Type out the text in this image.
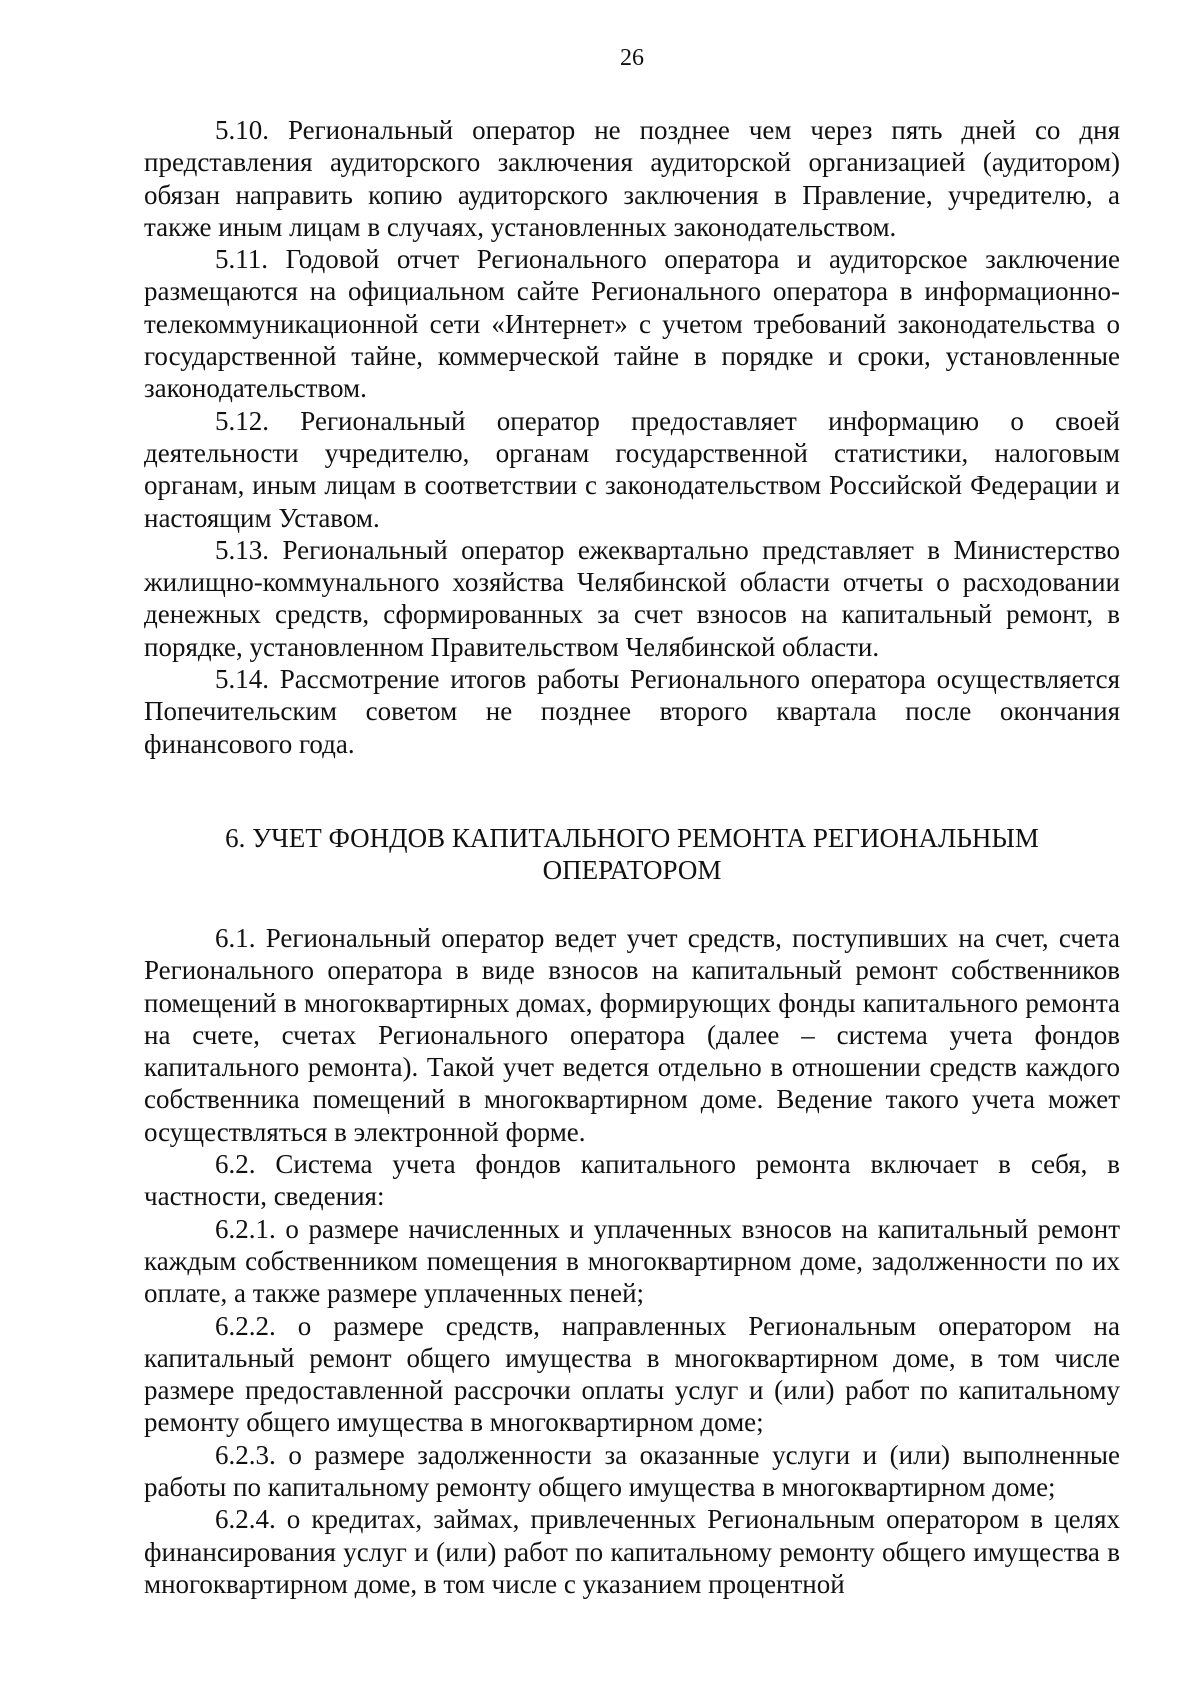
26

5.10. Региональный оператор не позднее чем через пять дней со дня представления аудиторского заключения аудиторской организацией (аудитором) обязан направить копию аудиторского заключения в Правление, учредителю, а также иным лицам в случаях, установленных законодательством.

5.11. Годовой отчет Регионального оператора и аудиторское заключение размещаются на официальном сайте Регионального оператора в информационно-телекоммуникационной сети «Интернет» с учетом требований законодательства о государственной тайне, коммерческой тайне в порядке и сроки, установленные законодательством.

5.12. Региональный оператор предоставляет информацию о своей деятельности учредителю, органам государственной статистики, налоговым органам, иным лицам в соответствии с законодательством Российской Федерации и настоящим Уставом.

5.13. Региональный оператор ежеквартально представляет в Министерство жилищно-коммунального хозяйства Челябинской области отчеты о расходовании денежных средств, сформированных за счет взносов на капитальный ремонт, в порядке, установленном Правительством Челябинской области.

5.14. Рассмотрение итогов работы Регионального оператора осуществляется Попечительским советом не позднее второго квартала после окончания финансового года.

6. УЧЕТ ФОНДОВ КАПИТАЛЬНОГО РЕМОНТА РЕГИОНАЛЬНЫМ
ОПЕРАТОРОМ

6.1. Региональный оператор ведет учет средств, поступивших на счет, счета Регионального оператора в виде взносов на капитальный ремонт собственников помещений в многоквартирных домах, формирующих фонды капитального ремонта на счете, счетах Регионального оператора (далее – система учета фондов капитального ремонта). Такой учет ведется отдельно в отношении средств каждого собственника помещений в многоквартирном доме. Ведение такого учета может осуществляться в электронной форме.

6.2. Система учета фондов капитального ремонта включает в себя, в частности, сведения:

6.2.1. о размере начисленных и уплаченных взносов на капитальный ремонт каждым собственником помещения в многоквартирном доме, задолженности по их оплате, а также размере уплаченных пеней;

6.2.2. о размере средств, направленных Региональным оператором на капитальный ремонт общего имущества в многоквартирном доме, в том числе размере предоставленной рассрочки оплаты услуг и (или) работ по капитальному ремонту общего имущества в многоквартирном доме;

6.2.3. о размере задолженности за оказанные услуги и (или) выполненные работы по капитальному ремонту общего имущества в многоквартирном доме;

6.2.4. о кредитах, займах, привлеченных Региональным оператором в целях финансирования услуг и (или) работ по капитальному ремонту общего имущества в многоквартирном доме, в том числе с указанием процентной
